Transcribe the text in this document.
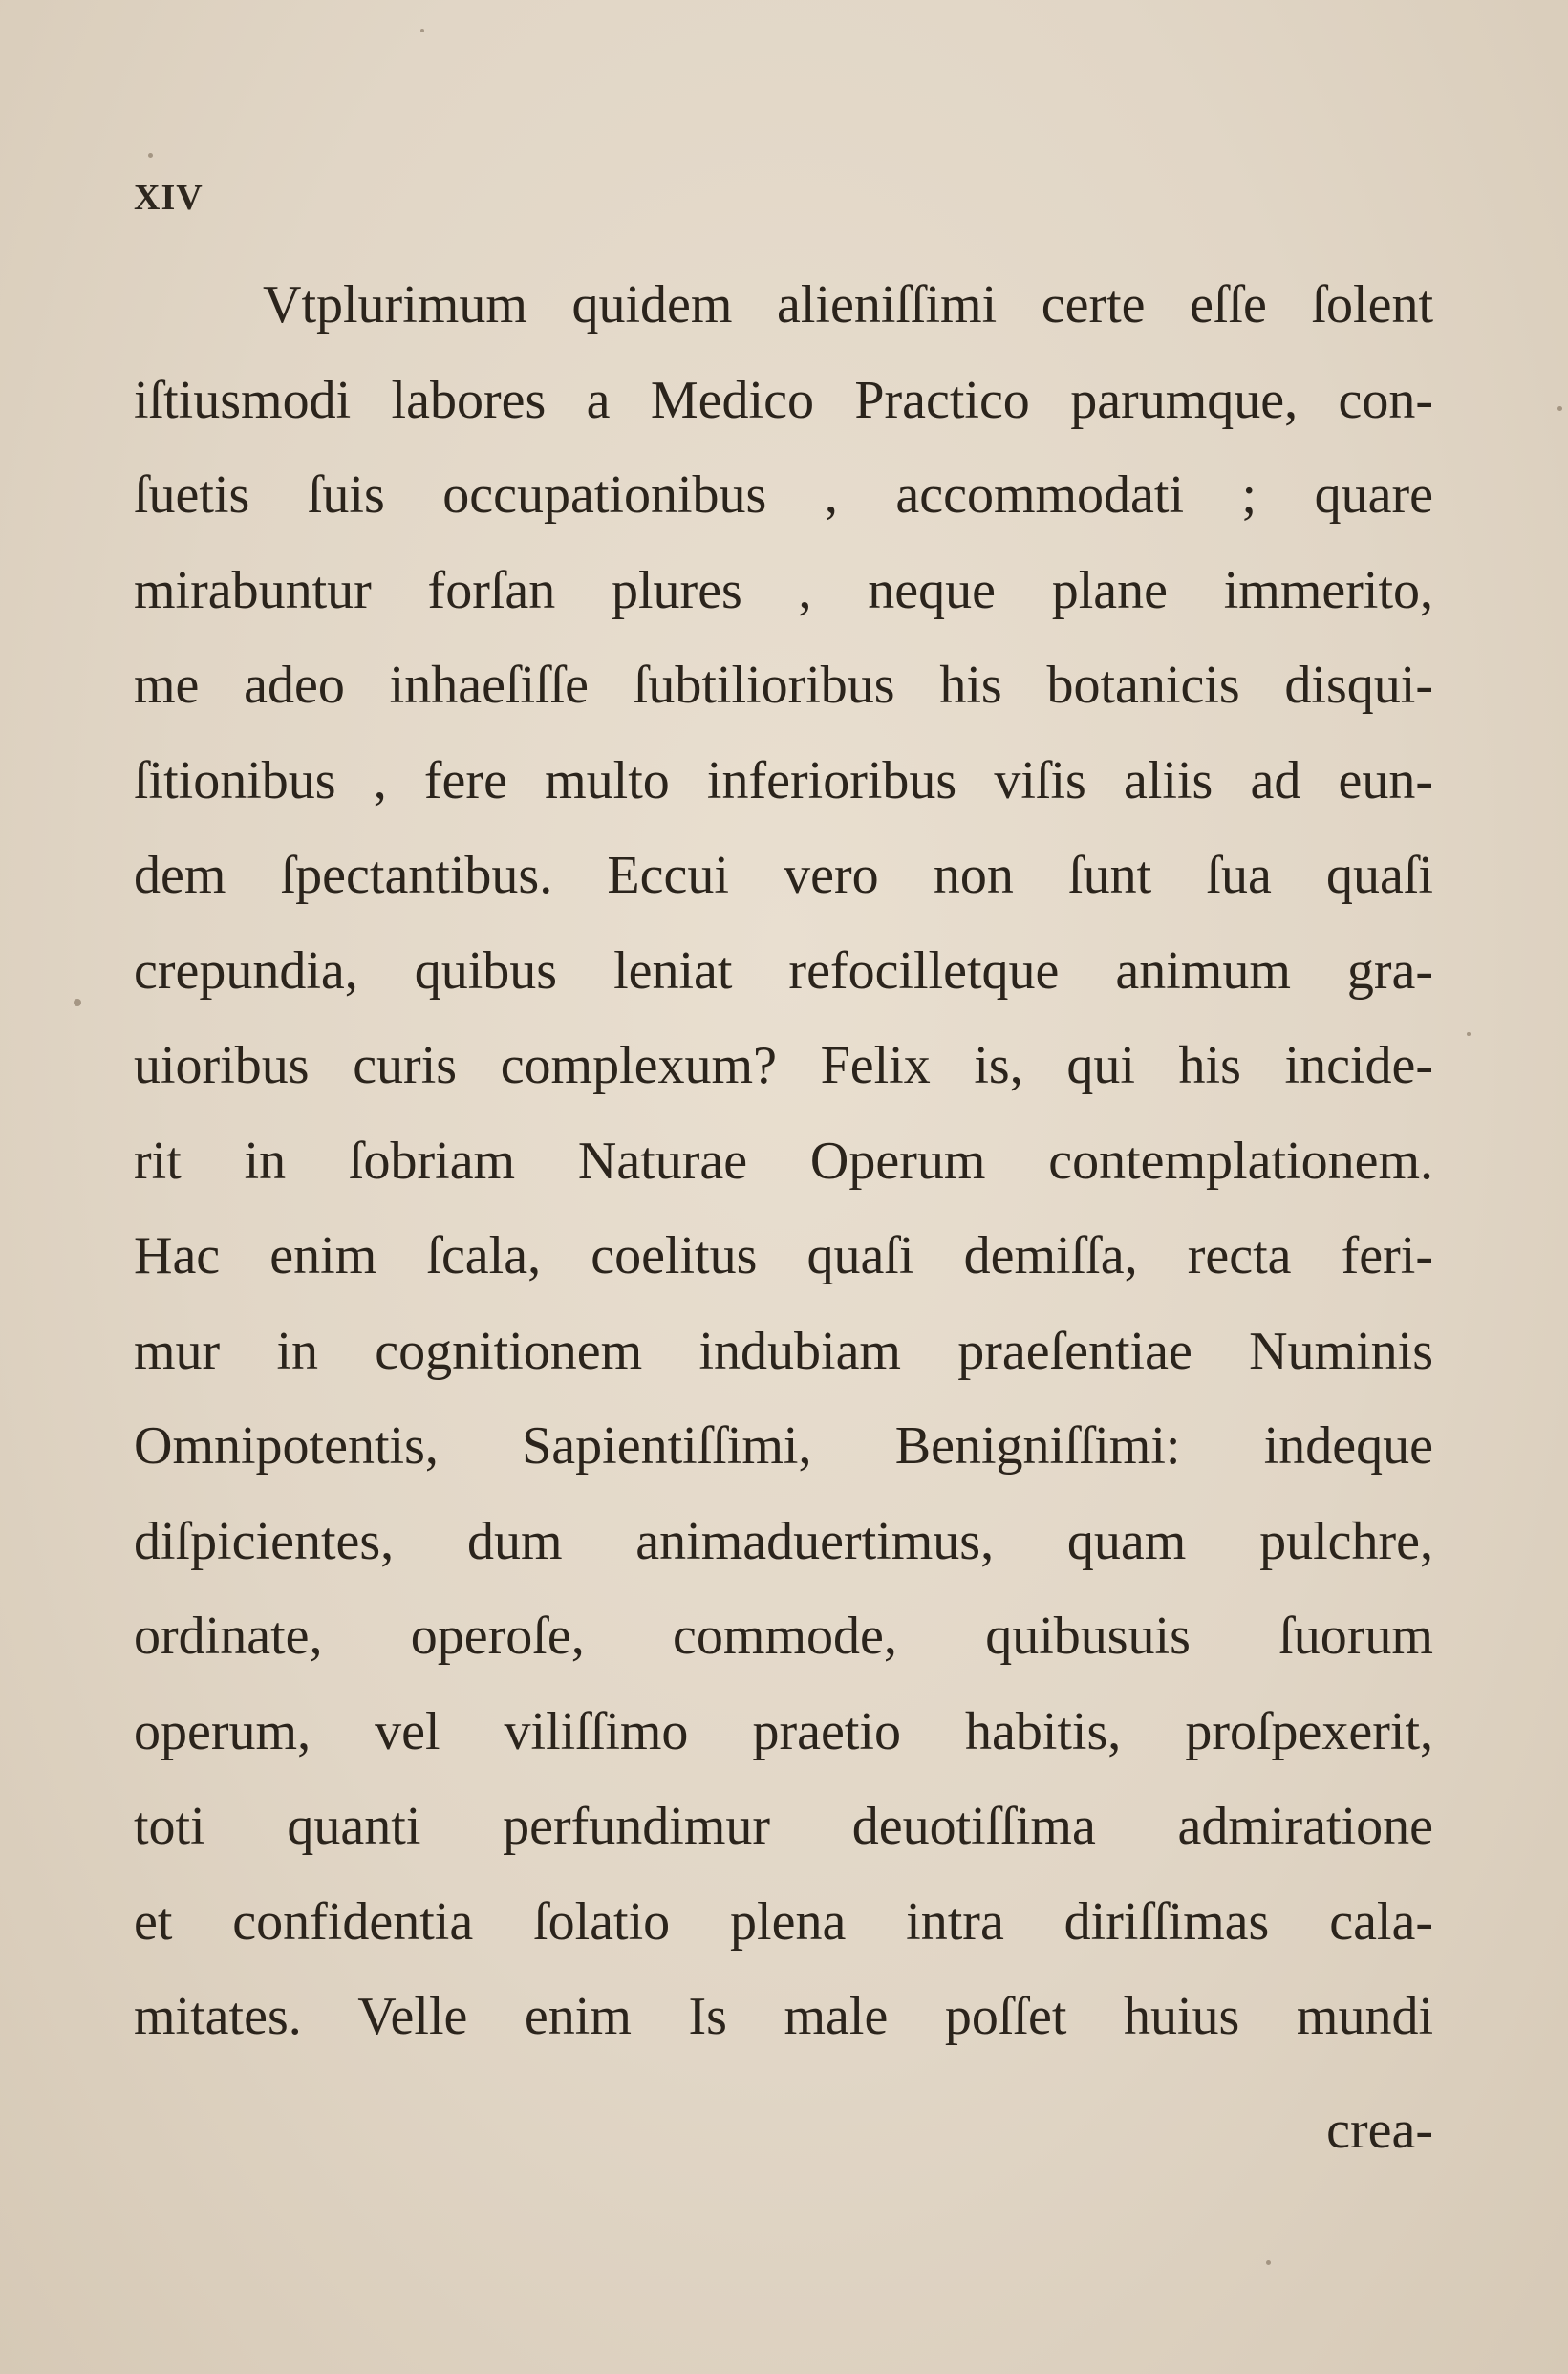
XIV
Vtplurimum quidem alieniſſimi certe eſſe ſolent
iſtiusmodi labores a Medico Practico parumque, con-
ſuetis ſuis occupationibus , accommodati ; quare
mirabuntur forſan plures , neque plane immerito,
me adeo inhaeſiſſe ſubtilioribus his botanicis disqui-
ſitionibus , fere multo inferioribus viſis aliis ad eun-
dem ſpectantibus. Eccui vero non ſunt ſua quaſi
crepundia, quibus leniat refocilletque animum gra-
uioribus curis complexum? Felix is, qui his incide-
rit in ſobriam Naturae Operum contemplationem.
Hac enim ſcala, coelitus quaſi demiſſa, recta feri-
mur in cognitionem indubiam praeſentiae Numinis
Omnipotentis, Sapientiſſimi, Benigniſſimi: indeque
diſpicientes, dum animaduertimus, quam pulchre,
ordinate, operoſe, commode, quibusuis ſuorum
operum, vel viliſſimo praetio habitis, proſpexerit,
toti quanti perfundimur deuotiſſima admiratione
et confidentia ſolatio plena intra diriſſimas cala-
mitates. Velle enim Is male poſſet huius mundi
crea-
